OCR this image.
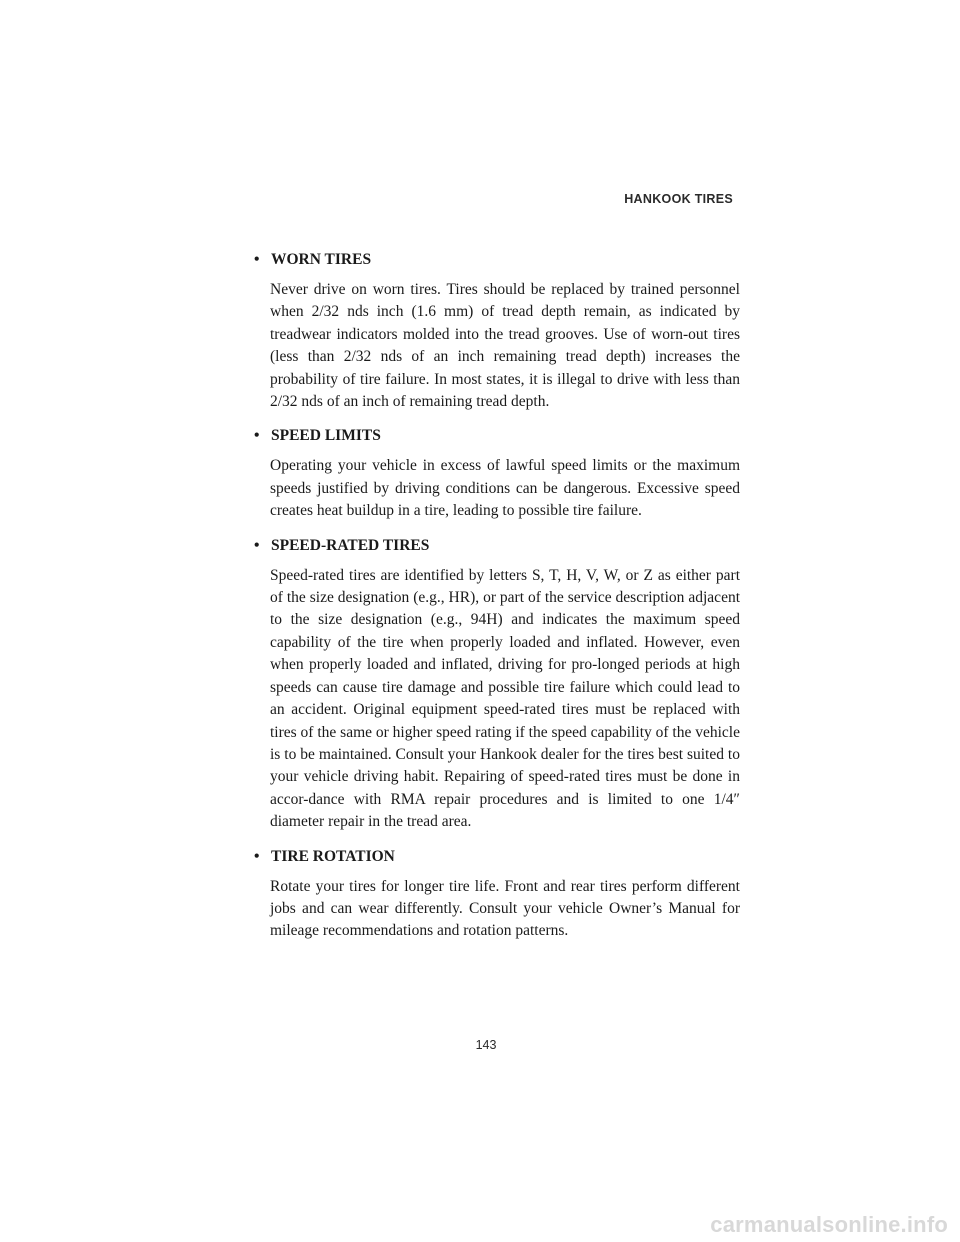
HANKOOK TIRES
• WORN TIRES

Never drive on worn tires. Tires should be replaced by trained personnel when 2/32 nds inch (1.6 mm) of tread depth remain, as indicated by treadwear indicators molded into the tread grooves. Use of worn-out tires (less than 2/32 nds of an inch remaining tread depth) increases the probability of tire failure. In most states, it is illegal to drive with less than 2/32 nds of an inch of remaining tread depth.

• SPEED LIMITS

Operating your vehicle in excess of lawful speed limits or the maximum speeds justified by driving conditions can be dangerous. Excessive speed creates heat buildup in a tire, leading to possible tire failure.

• SPEED-RATED TIRES

Speed-rated tires are identified by letters S, T, H, V, W, or Z as either part of the size designation (e.g., HR), or part of the service description adjacent to the size designation (e.g., 94H) and indicates the maximum speed capability of the tire when properly loaded and inflated. However, even when properly loaded and inflated, driving for pro-longed periods at high speeds can cause tire damage and possible tire failure which could lead to an accident. Original equipment speed-rated tires must be replaced with tires of the same or higher speed rating if the speed capability of the vehicle is to be maintained. Consult your Hankook dealer for the tires best suited to your vehicle driving habit. Repairing of speed-rated tires must be done in accor-dance with RMA repair procedures and is limited to one 1/4″ diameter repair in the tread area.

• TIRE ROTATION

Rotate your tires for longer tire life. Front and rear tires perform different jobs and can wear differently. Consult your vehicle Owner’s Manual for mileage recommendations and rotation patterns.

143
carmanualsonline.info
